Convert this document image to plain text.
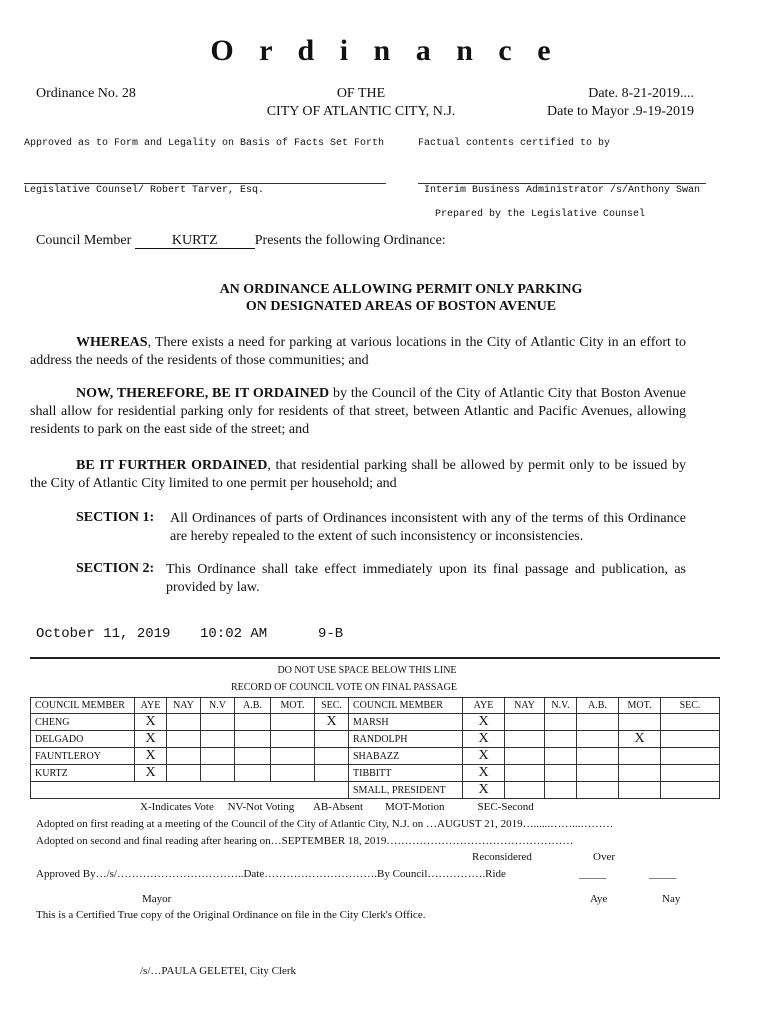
O r d i n a n c e
Ordinance No. 28	OF THE
CITY OF ATLANTIC CITY, N.J.
Date. 8-21-2019....
Date to Mayor .9-19-2019
Approved as to Form and Legality on Basis of Facts Set Forth	Factual contents certified to by
Legislative Counsel/ Robert Tarver, Esq.	Interim Business Administrator /s/Anthony Swan
Prepared by the Legislative Counsel
Council Member	KURTZ	Presents the following Ordinance:
AN ORDINANCE ALLOWING PERMIT ONLY PARKING
ON DESIGNATED AREAS OF BOSTON AVENUE
WHEREAS, There exists a need for parking at various locations in the City of Atlantic City in an effort to address the needs of the residents of those communities; and
NOW, THEREFORE, BE IT ORDAINED by the Council of the City of Atlantic City that Boston Avenue shall allow for residential parking only for residents of that street, between Atlantic and Pacific Avenues, allowing residents to park on the east side of the street; and
BE IT FURTHER ORDAINED, that residential parking shall be allowed by permit only to be issued by the City of Atlantic City limited to one permit per household; and
SECTION 1: All Ordinances of parts of Ordinances inconsistent with any of the terms of this Ordinance are hereby repealed to the extent of such inconsistency or inconsistencies.
SECTION 2: This Ordinance shall take effect immediately upon its final passage and publication, as provided by law.
October 11, 2019 10:02 AM	9-B
DO NOT USE SPACE BELOW THIS LINE
RECORD OF COUNCIL VOTE ON FINAL PASSAGE
COUNCIL MEMBER	AYE	NAY	N.V	A.B.	MOT.	SEC.	COUNCIL MEMBER	AYE	NAY	N.V.	A.B.	MOT.	SEC.
CHENG	X					X	MARSH	X					
DELGADO	X						RANDOLPH	X				X	
FAUNTLEROY	X						SHABAZZ	X					
KURTZ	X						TIBBITT	X					
							SMALL, PRESIDENT	X					
X-Indicates Vote     NV-Not Voting       AB-Absent        MOT-Motion            SEC-Second
Adopted on first reading at a meeting of the Council of the City of Atlantic City, N.J. on …AUGUST 21, 2019…......……...………
Adopted on second and final reading after hearing on…SEPTEMBER 18, 2019……………………………………………
Reconsidered	Over
Approved By…/s/……………………………..Date………………………….By Council…………….Ride	_____	_____
Mayor	Aye	Nay
This is a Certified True copy of the Original Ordinance on file in the City Clerk's Office.
/s/…PAULA GELETEI, City Clerk
